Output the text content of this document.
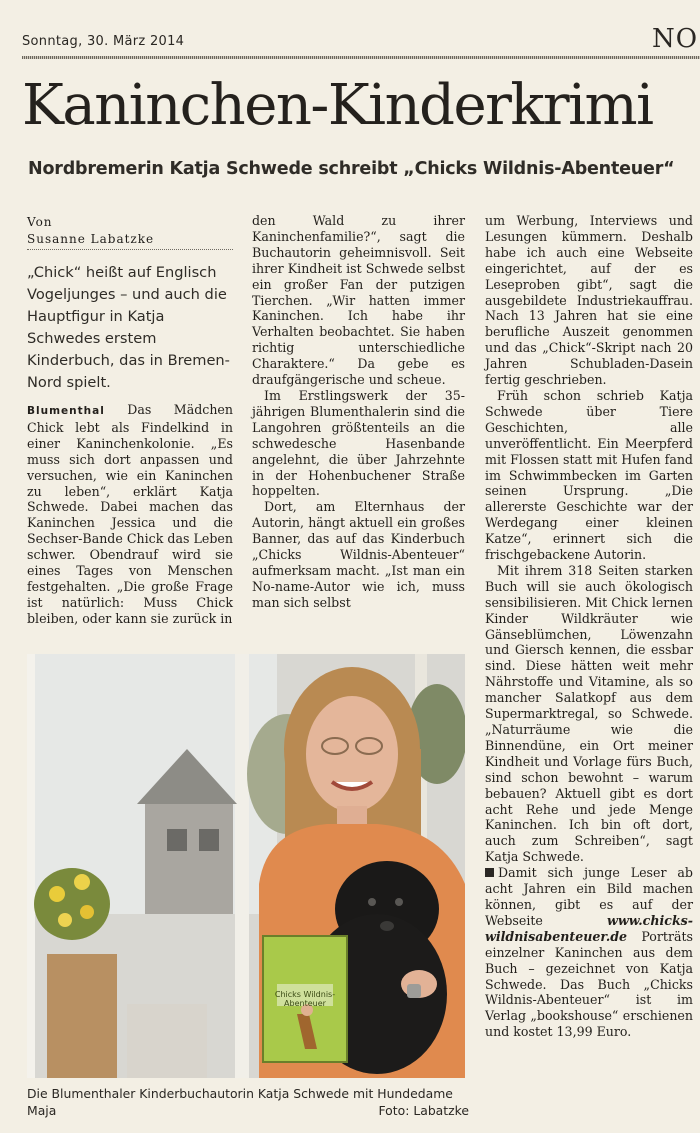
Sonntag, 30. März 2014	NO
Kaninchen-Kinderkrimi
Nordbremerin Katja Schwede schreibt „Chicks Wildnis-Abenteuer“
Von
Susanne Labatzke
„Chick“ heißt auf Englisch Vogeljunges – und auch die Hauptfigur in Katja Schwedes erstem Kinderbuch, das in Bremen-Nord spielt.

Blumenthal Das Mädchen Chick lebt als Findelkind in einer Kaninchenkolonie. „Es muss sich dort anpassen und versuchen, wie ein Kaninchen zu leben“, erklärt Katja Schwede. Dabei machen das Kaninchen Jessica und die Sechser-Bande Chick das Leben schwer. Obendrauf wird sie eines Tages von Menschen festgehalten. „Die große Frage ist natürlich: Muss Chick bleiben, oder kann sie zurück in

den Wald zu ihrer Kaninchenfamilie?“, sagt die Buchautorin geheimnisvoll. Seit ihrer Kindheit ist Schwede selbst ein großer Fan der putzigen Tierchen. „Wir hatten immer Kaninchen. Ich habe ihr Verhalten beobachtet. Sie haben richtig unterschiedliche Charaktere.“ Da gebe es draufgängerische und scheue.

Im Erstlingswerk der 35-jährigen Blumenthalerin sind die Langohren größtenteils an die schwedesche Hasenbande angelehnt, die über Jahrzehnte in der Hohenbuchener Straße hoppelten.

Dort, am Elternhaus der Autorin, hängt aktuell ein großes Banner, das auf das Kinderbuch „Chicks Wildnis-Abenteuer“ aufmerksam macht. „Ist man ein No-name-Autor wie ich, muss man sich selbst

um Werbung, Interviews und Lesungen kümmern. Deshalb habe ich auch eine Webseite eingerichtet, auf der es Leseproben gibt“, sagt die ausgebildete Industriekauffrau. Nach 13 Jahren hat sie eine berufliche Auszeit genommen und das „Chick“-Skript nach 20 Jahren Schubladen-Dasein fertig geschrieben.

Früh schon schrieb Katja Schwede über Tiere Geschichten, alle unveröffentlicht. Ein Meerpferd mit Flossen statt mit Hufen fand im Schwimmbecken im Garten seinen Ursprung. „Die allererste Geschichte war der Werdegang einer kleinen Katze“, erinnert sich die frischgebackene Autorin.

Mit ihrem 318 Seiten starken Buch will sie auch ökologisch sensibilisieren. Mit Chick lernen Kinder Wildkräuter wie Gänseblümchen, Löwenzahn und Giersch kennen, die essbar sind. Diese hätten weit mehr Nährstoffe und Vitamine, als so mancher Salatkopf aus dem Supermarktregal, so Schwede. „Naturräume wie die Binnendüne, ein Ort meiner Kindheit und Vorlage fürs Buch, sind schon bewohnt – warum bebauen? Aktuell gibt es dort acht Rehe und jede Menge Kaninchen. Ich bin oft dort, auch zum Schreiben“, sagt Katja Schwede.

Damit sich junge Leser ab acht Jahren ein Bild machen können, gibt es auf der Webseite	www.chicks-wildnisabenteuer.de Porträts einzelner Kaninchen aus dem Buch – gezeichnet von Katja Schwede. Das Buch „Chicks Wildnis-Abenteuer“ ist im Verlag „bookshouse“ erschienen und kostet 13,99 Euro.

Chicks Wildnis-Abenteuer
Die Blumenthaler Kinderbuchautorin Katja Schwede mit Hundedame Maja	Foto: Labatzke
